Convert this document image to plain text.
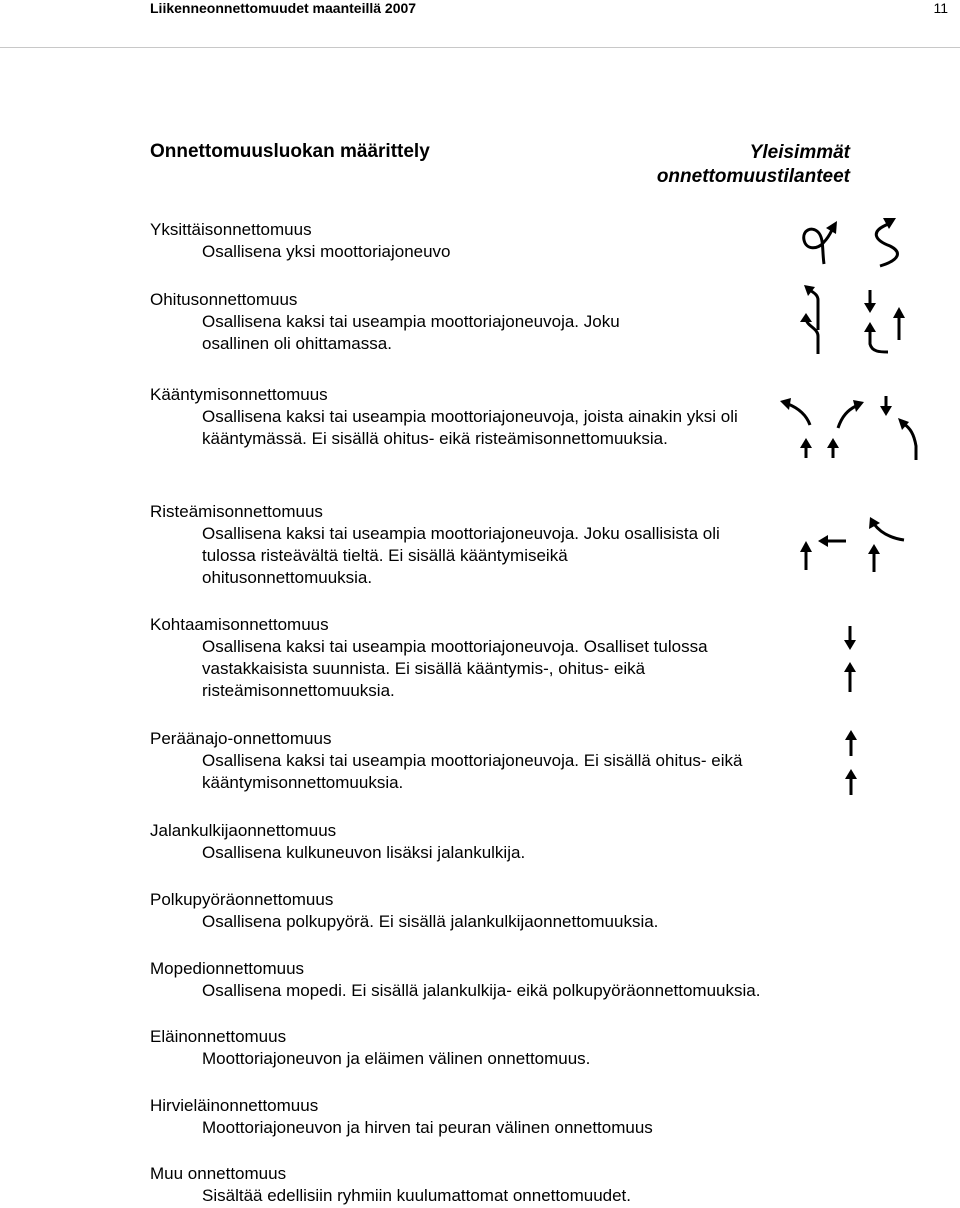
Liikenneonnettomuudet maanteillä 2007	11
Onnettomuusluokan määrittely	Yleisimmät onnettomuustilanteet
Yksittäisonnettomuus
Osallisena yksi moottoriajoneuvo
Ohitusonnettomuus
Osallisena kaksi tai useampia moottoriajoneuvoja. Joku osallinen oli ohittamassa.
Kääntymisonnettomuus
Osallisena kaksi tai useampia moottoriajoneuvoja, joista ainakin yksi oli kääntymässä. Ei sisällä ohitus- eikä risteämisonnettomuuksia.
Risteämisonnettomuus
Osallisena kaksi tai useampia moottoriajoneuvoja. Joku osallisista oli tulossa risteävältä tieltä. Ei sisällä kääntymiseikä ohitusonnettomuuksia.
Kohtaamisonnettomuus
Osallisena kaksi tai useampia moottoriajoneuvoja. Osalliset tulossa vastakkaisista suunnista. Ei sisällä kääntymis-, ohitus- eikä risteämisonnettomuuksia.
Peräänajo-onnettomuus
Osallisena kaksi tai useampia moottoriajoneuvoja. Ei sisällä ohitus- eikä kääntymisonnettomuuksia.
Jalankulkijaonnettomuus
Osallisena kulkuneuvon lisäksi jalankulkija.
Polkupyöräonnettomuus
Osallisena polkupyörä. Ei sisällä jalankulkijaonnettomuuksia.
Mopedionnettomuus
Osallisena mopedi. Ei sisällä jalankulkija- eikä polkupyöräonnettomuuksia.
Eläinonnettomuus
Moottoriajoneuvon ja eläimen välinen onnettomuus.
Hirvieläinonnettomuus
Moottoriajoneuvon ja hirven tai peuran välinen onnettomuus
Muu onnettomuus
Sisältää edellisiin ryhmiin kuulumattomat onnettomuudet.
